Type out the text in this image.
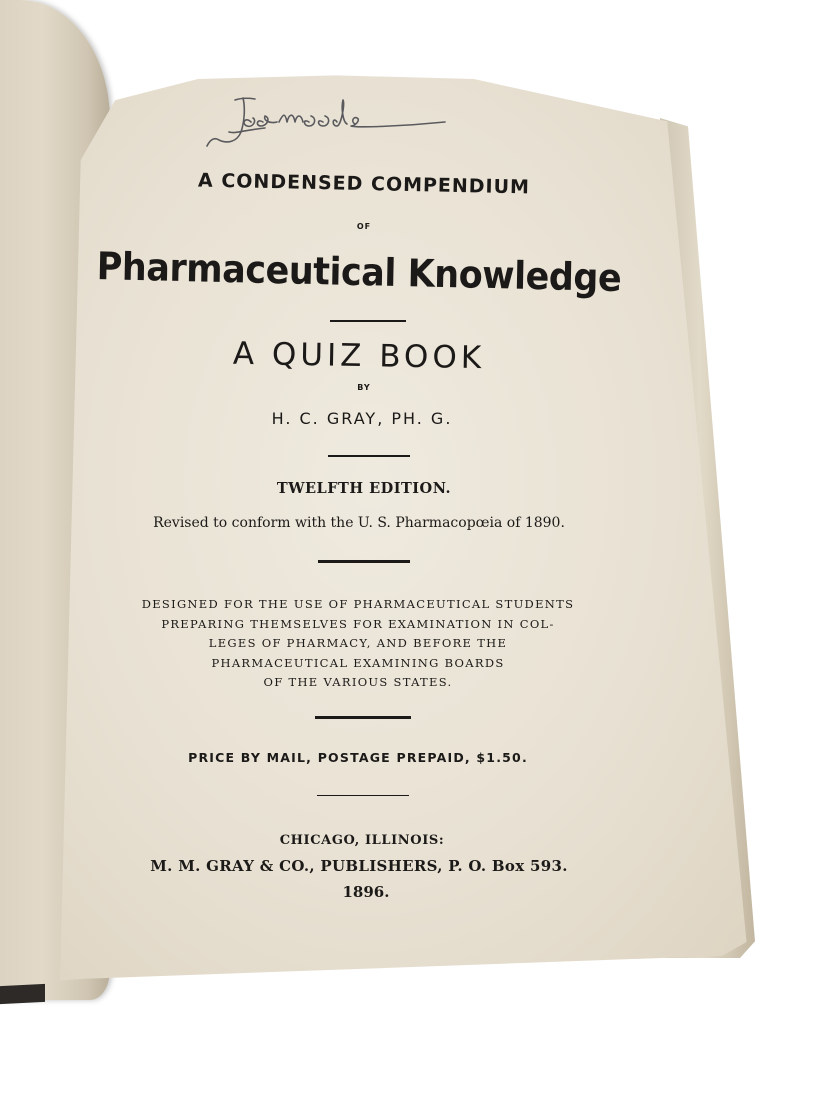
A CONDENSED COMPENDIUM
OF
Pharmaceutical Knowledge
A QUIZ BOOK
BY
H. C. GRAY, PH. G.
TWELFTH EDITION.
Revised to conform with the U. S. Pharmacopœia of 1890.
DESIGNED FOR THE USE OF PHARMACEUTICAL STUDENTS
PREPARING THEMSELVES FOR EXAMINATION IN COL-
LEGES OF PHARMACY, AND BEFORE THE
PHARMACEUTICAL EXAMINING BOARDS
OF THE VARIOUS STATES.
PRICE BY MAIL, POSTAGE PREPAID, $1.50.
CHICAGO, ILLINOIS:
M. M. GRAY & CO., PUBLISHERS, P. O. Box 593.
1896.
